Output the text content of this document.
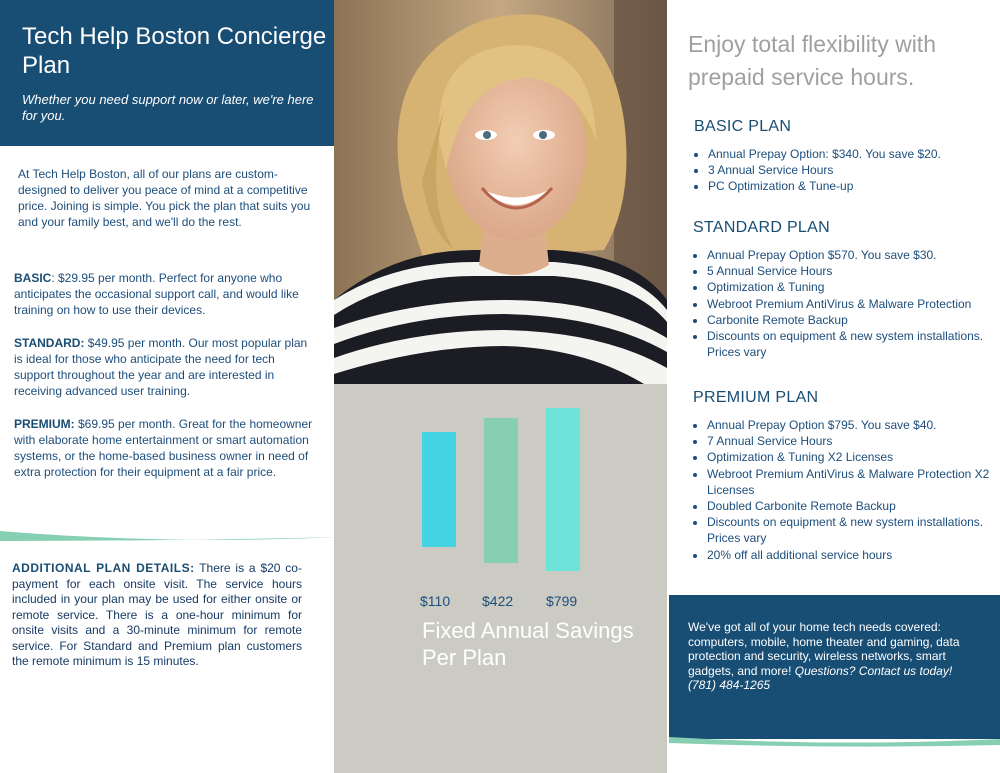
Tech Help Boston Concierge Plan
Whether you need support now or later, we're here for you.
At Tech Help Boston, all of our plans are custom-designed to deliver you peace of mind at a competitive price. Joining is simple. You pick the plan that suits you and your family best, and we'll do the rest.
BASIC: $29.95 per month. Perfect for anyone who anticipates the occasional support call, and would like training on how to use their devices.
STANDARD: $49.95 per month. Our most popular plan is ideal for those who anticipate the need for tech support throughout the year and are interested in receiving advanced user training.
PREMIUM: $69.95 per month. Great for the homeowner with elaborate home entertainment or smart automation systems, or the home-based business owner in need of extra protection for their equipment at a fair price.
ADDITIONAL PLAN DETAILS: There is a $20 co-payment for each onsite visit. The service hours included in your plan may be used for either onsite or remote service. There is a one-hour minimum for onsite visits and a 30-minute minimum for remote service. For Standard and Premium plan customers the remote minimum is 15 minutes.
$110 $422 $799
Fixed Annual Savings Per Plan
Enjoy total flexibility with prepaid service hours.
BASIC PLAN
• Annual Prepay Option: $340. You save $20.
• 3 Annual Service Hours
• PC Optimization & Tune-up
STANDARD PLAN
• Annual Prepay Option $570. You save $30.
• 5 Annual Service Hours
• Optimization & Tuning
• Webroot Premium AntiVirus & Malware Protection
• Carbonite Remote Backup
• Discounts on equipment & new system installations. Prices vary
PREMIUM PLAN
• Annual Prepay Option $795. You save $40.
• 7 Annual Service Hours
• Optimization & Tuning X2 Licenses
• Webroot Premium AntiVirus & Malware Protection X2 Licenses
• Doubled Carbonite Remote Backup
• Discounts on equipment & new system installations. Prices vary
• 20% off all additional service hours
We've got all of your home tech needs covered: computers, mobile, home theater and gaming, data protection and security, wireless networks, smart gadgets, and more! Questions? Contact us today!
(781) 484-1265
